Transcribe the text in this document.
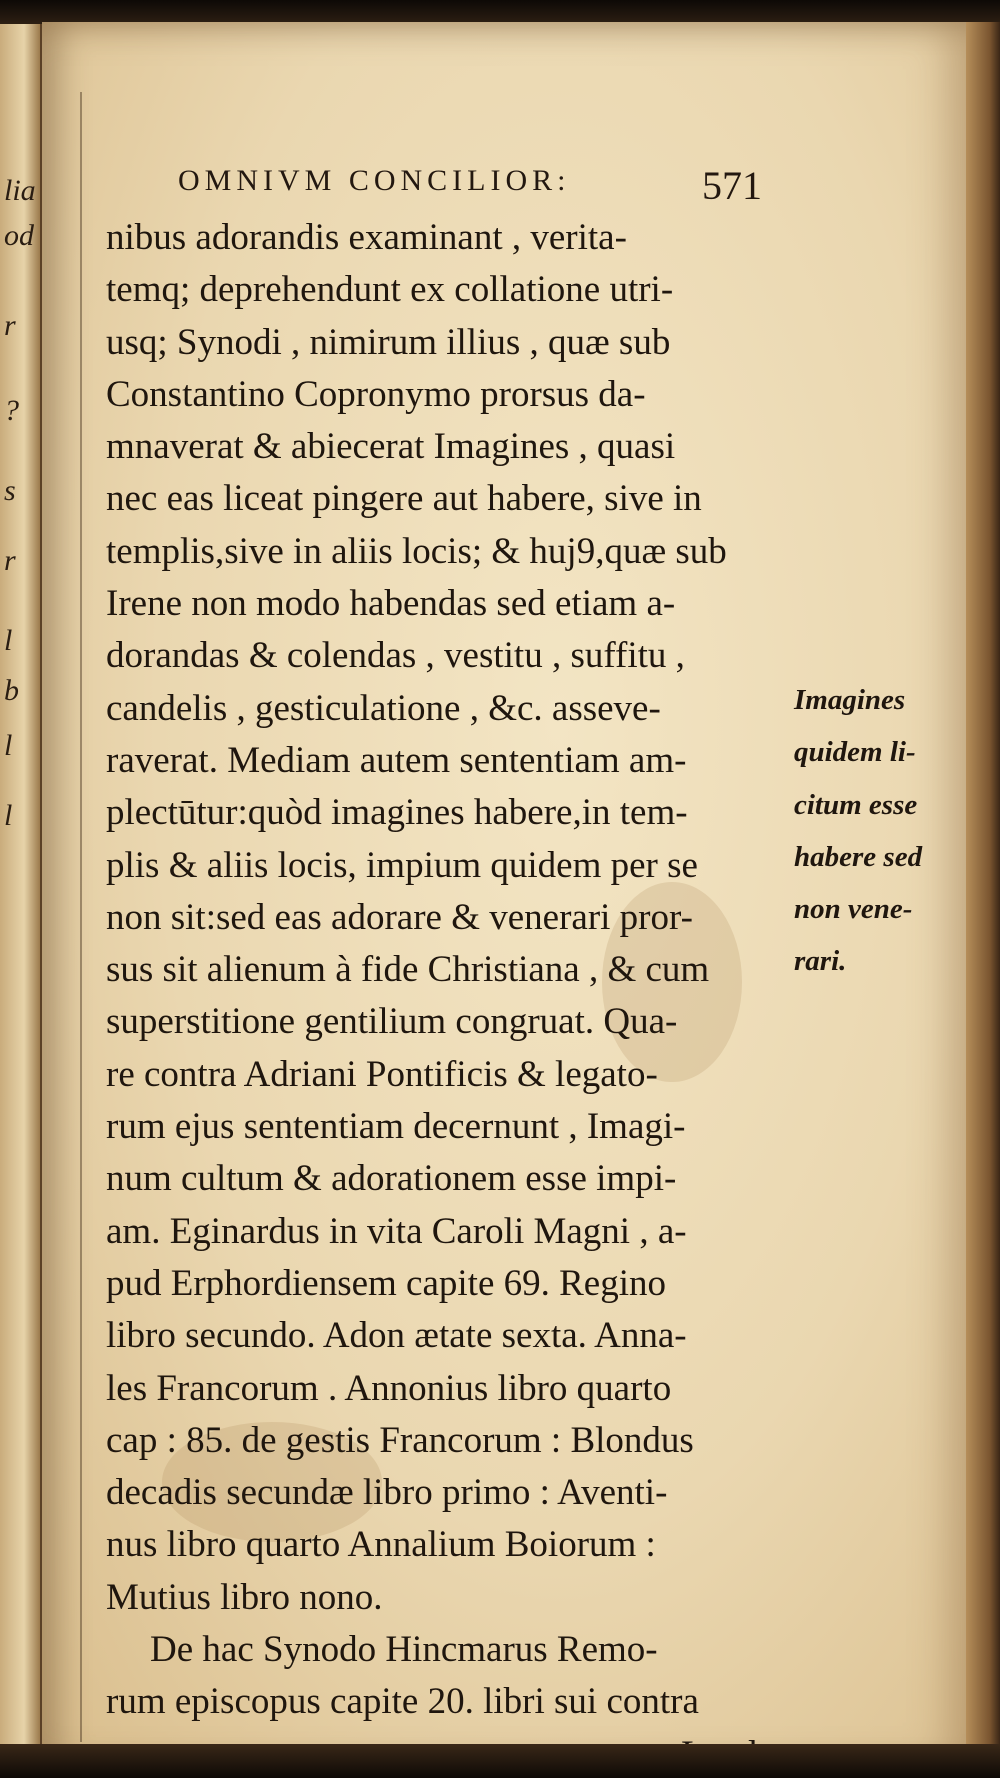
lia
od
r
?
s
r
l
b
l
l
OMNIVM CONCILIOR:	571
nibus adorandis examinant , verita-
temq; deprehendunt ex collatione utri-
usq; Synodi , nimirum illius , quæ sub
Constantino Copronymo prorsus da-
mnaverat & abiecerat Imagines , quasi
nec eas liceat pingere aut habere, sive in
templis,sive in aliis locis; & huj9,quæ sub
Irene non modo habendas sed etiam a-
dorandas & colendas , vestitu , suffitu ,
candelis , gesticulatione , &c. asseve-
raverat. Mediam autem sententiam am-
plectūtur:quòd imagines habere,in tem-
plis & aliis locis, impium quidem per se
non sit:sed eas adorare & venerari pror-
sus sit alienum à fide Christiana , & cum
superstitione gentilium congruat. Qua-
re contra Adriani Pontificis & legato-
rum ejus sententiam decernunt , Imagi-
num cultum & adorationem esse impi-
am. Eginardus in vita Caroli Magni , a-
pud Erphordiensem capite 69. Regino
libro secundo. Adon ætate sexta. Anna-
les Francorum . Annonius libro quarto
cap : 85. de gestis Francorum : Blondus
decadis secundæ libro primo : Aventi-
nus libro quarto Annalium Boiorum :
Mutius libro nono.
De hac Synodo Hincmarus Remo-
rum episcopus capite 20. libri sui contra
Imagines
quidem li-
citum esse
habere sed
non vene-
rari.
